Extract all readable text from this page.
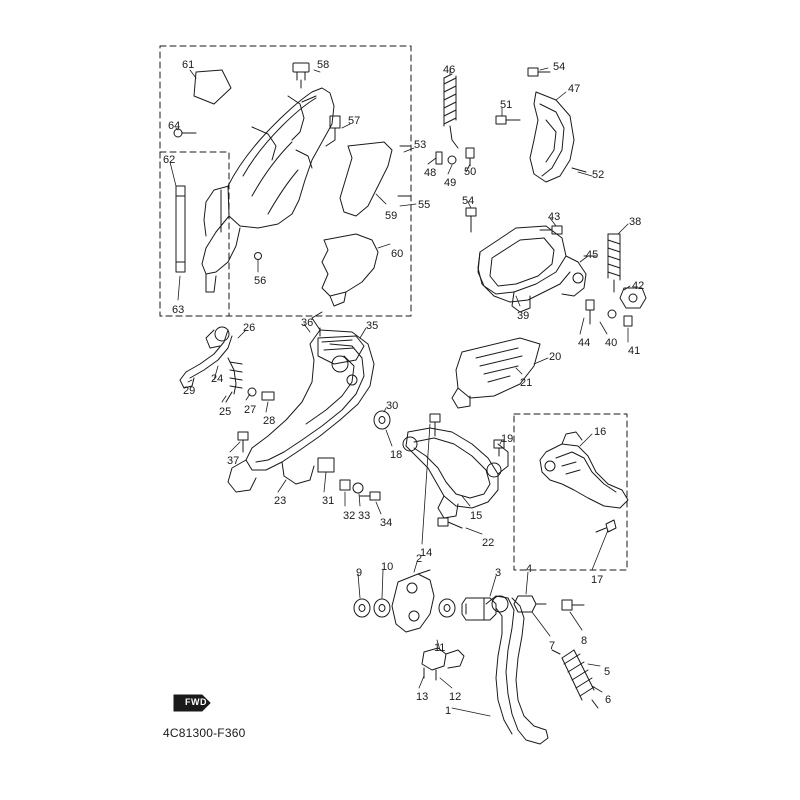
FWD
4C81300-F360
61	58	54
46
47
51
57
64
53
48
49
50	52
62
55
59
54
43	38
45
60
42
56
63	39
44 40
41
26	36	35
20
21
29
24
25 27
28
30
16
18
19
37
23	31
32 33
34
15
22
14
17
9 10
2
3 4
7 8
11
13 12
1
5
6
